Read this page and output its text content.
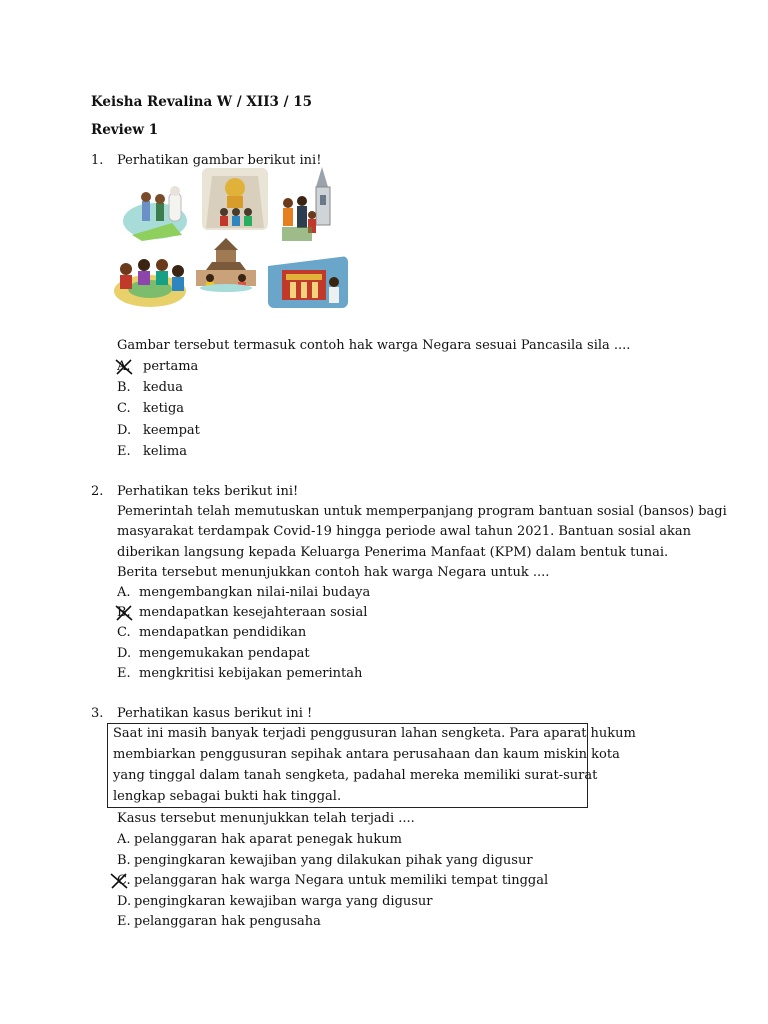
Keisha Revalina W / XII3 / 15
Review 1
1. Perhatikan gambar berikut ini!
Gambar tersebut termasuk contoh hak warga Negara sesuai Pancasila sila ....
A. pertama
B. kedua
C. ketiga
D. keempat
E. kelima
2. Perhatikan teks berikut ini!
Pemerintah telah memutuskan untuk memperpanjang program bantuan sosial (bansos) bagi
masyarakat terdampak Covid-19 hingga periode awal tahun 2021. Bantuan sosial akan
diberikan langsung kepada Keluarga Penerima Manfaat (KPM) dalam bentuk tunai.
Berita tersebut menunjukkan contoh hak warga Negara untuk ....
A. mengembangkan nilai-nilai budaya
B. mendapatkan kesejahteraan sosial
C. mendapatkan pendidikan
D. mengemukakan pendapat
E. mengkritisi kebijakan pemerintah
3. Perhatikan kasus berikut ini !
Saat ini masih banyak terjadi penggusuran lahan sengketa. Para aparat hukum
membiarkan penggusuran sepihak antara perusahaan dan kaum miskin kota
yang tinggal dalam tanah sengketa, padahal mereka memiliki surat-surat
lengkap sebagai bukti hak tinggal.
Kasus tersebut menunjukkan telah terjadi ....
A. pelanggaran hak aparat penegak hukum
B. pengingkaran kewajiban yang dilakukan pihak yang digusur
C. pelanggaran hak warga Negara untuk memiliki tempat tinggal
D. pengingkaran kewajiban warga yang digusur
E. pelanggaran hak pengusaha
